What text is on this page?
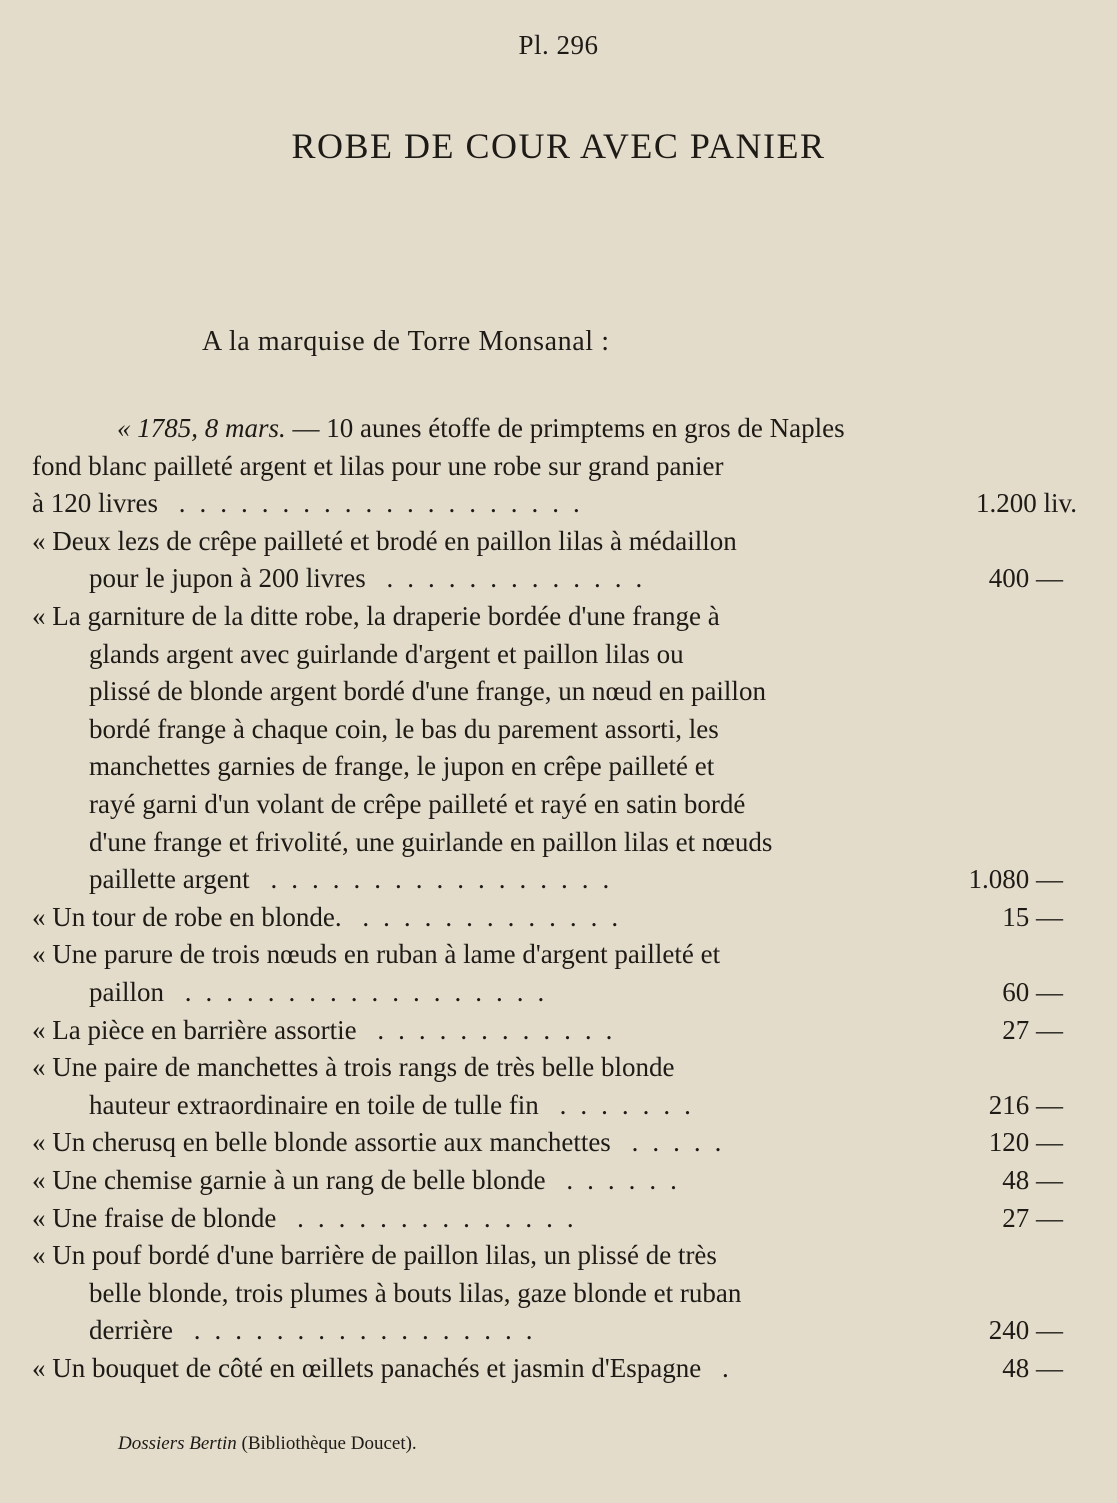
Pl. 296
ROBE DE COUR AVEC PANIER
A la marquise de Torre Monsanal :
« 1785, 8 mars. — 10 aunes étoffe de primptems en gros de Naples
fond blanc pailleté argent et lilas pour une robe sur grand panier
1.200 liv.
à 120 livres ....................
« Deux lezs de crêpe pailleté et brodé en paillon lilas à médaillon
400 —
pour le jupon à 200 livres .............
« La garniture de la ditte robe, la draperie bordée d'une frange à
glands argent avec guirlande d'argent et paillon lilas ou
plissé de blonde argent bordé d'une frange, un nœud en paillon
bordé frange à chaque coin, le bas du parement assorti, les
manchettes garnies de frange, le jupon en crêpe pailleté et
rayé garni d'un volant de crêpe pailleté et rayé en satin bordé
d'une frange et frivolité, une guirlande en paillon lilas et nœuds
1.080 —
paillette argent .................
15 —
« Un tour de robe en blonde. .............
« Une parure de trois nœuds en ruban à lame d'argent pailleté et
60 —
paillon ..................
27 —
« La pièce en barrière assortie ............
« Une paire de manchettes à trois rangs de très belle blonde
216 —
hauteur extraordinaire en toile de tulle fin .......
120 —
« Un cherusq en belle blonde assortie aux manchettes .....
48 —
« Une chemise garnie à un rang de belle blonde ......
27 —
« Une fraise de blonde ..............
« Un pouf bordé d'une barrière de paillon lilas, un plissé de très
belle blonde, trois plumes à bouts lilas, gaze blonde et ruban
240 —
derrière .................
48 —
« Un bouquet de côté en œillets panachés et jasmin d'Espagne .
Dossiers Bertin (Bibliothèque Doucet).
